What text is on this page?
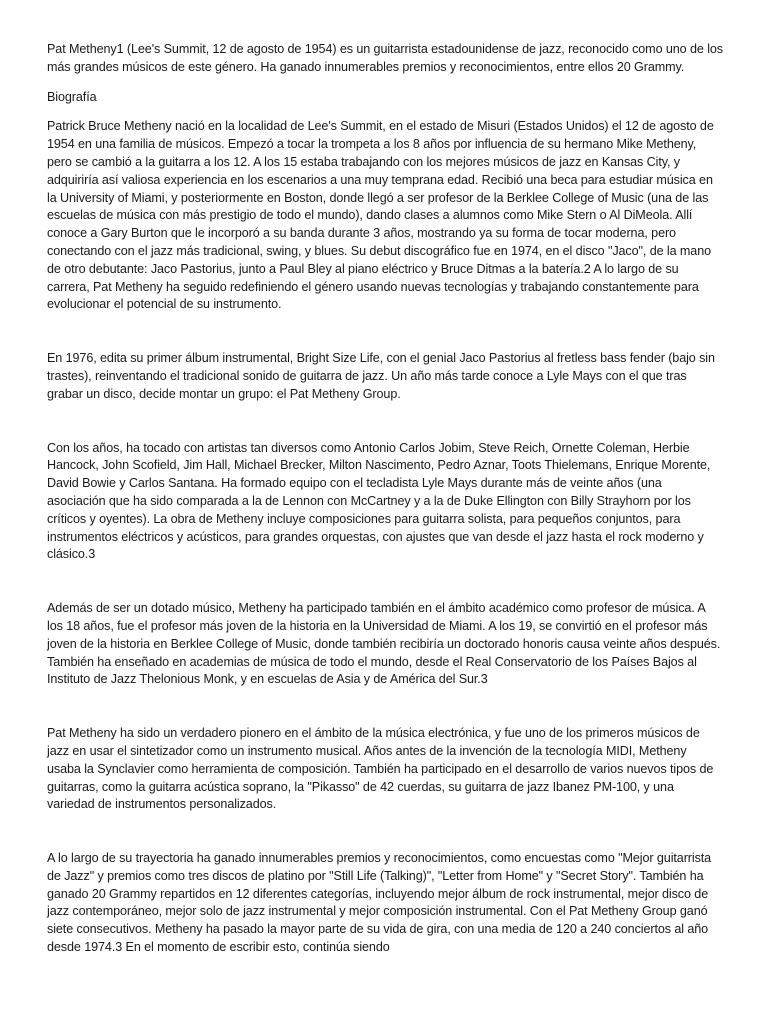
Pat Metheny1 (Lee's Summit, 12 de agosto de 1954) es un guitarrista estadounidense de jazz, reconocido como uno de los más grandes músicos de este género. Ha ganado innumerables premios y reconocimientos, entre ellos 20 Grammy.

Biografía

Patrick Bruce Metheny nació en la localidad de Lee's Summit, en el estado de Misuri (Estados Unidos) el 12 de agosto de 1954 en una familia de músicos. Empezó a tocar la trompeta a los 8 años por influencia de su hermano Mike Metheny, pero se cambió a la guitarra a los 12. A los 15 estaba trabajando con los mejores músicos de jazz en Kansas City, y adquiriría así valiosa experiencia en los escenarios a una muy temprana edad. Recibió una beca para estudiar música en la University of Miami, y posteriormente en Boston, donde llegó a ser profesor de la Berklee College of Music (una de las escuelas de música con más prestigio de todo el mundo), dando clases a alumnos como Mike Stern o Al DiMeola. Allí conoce a Gary Burton que le incorporó a su banda durante 3 años, mostrando ya su forma de tocar moderna, pero conectando con el jazz más tradicional, swing, y blues. Su debut discográfico fue en 1974, en el disco "Jaco", de la mano de otro debutante: Jaco Pastorius, junto a Paul Bley al piano eléctrico y Bruce Ditmas a la batería.2 A lo largo de su carrera, Pat Metheny ha seguido redefiniendo el género usando nuevas tecnologías y trabajando constantemente para evolucionar el potencial de su instrumento.

En 1976, edita su primer álbum instrumental, Bright Size Life, con el genial Jaco Pastorius al fretless bass fender (bajo sin trastes), reinventando el tradicional sonido de guitarra de jazz. Un año más tarde conoce a Lyle Mays con el que tras grabar un disco, decide montar un grupo: el Pat Metheny Group.

Con los años, ha tocado con artistas tan diversos como Antonio Carlos Jobim, Steve Reich, Ornette Coleman, Herbie Hancock, John Scofield, Jim Hall, Michael Brecker, Milton Nascimento, Pedro Aznar, Toots Thielemans, Enrique Morente, David Bowie y Carlos Santana. Ha formado equipo con el tecladista Lyle Mays durante más de veinte años (una asociación que ha sido comparada a la de Lennon con McCartney y a la de Duke Ellington con Billy Strayhorn por los críticos y oyentes). La obra de Metheny incluye composiciones para guitarra solista, para pequeños conjuntos, para instrumentos eléctricos y acústicos, para grandes orquestas, con ajustes que van desde el jazz hasta el rock moderno y clásico.3

Además de ser un dotado músico, Metheny ha participado también en el ámbito académico como profesor de música. A los 18 años, fue el profesor más joven de la historia en la Universidad de Miami. A los 19, se convirtió en el profesor más joven de la historia en Berklee College of Music, donde también recibiría un doctorado honoris causa veinte años después. También ha enseñado en academias de música de todo el mundo, desde el Real Conservatorio de los Países Bajos al Instituto de Jazz Thelonious Monk, y en escuelas de Asia y de América del Sur.3

Pat Metheny ha sido un verdadero pionero en el ámbito de la música electrónica, y fue uno de los primeros músicos de jazz en usar el sintetizador como un instrumento musical. Años antes de la invención de la tecnología MIDI, Metheny usaba la Synclavier como herramienta de composición. También ha participado en el desarrollo de varios nuevos tipos de guitarras, como la guitarra acústica soprano, la "Pikasso" de 42 cuerdas, su guitarra de jazz Ibanez PM-100, y una variedad de instrumentos personalizados.

A lo largo de su trayectoria ha ganado innumerables premios y reconocimientos, como encuestas como "Mejor guitarrista de Jazz" y premios como tres discos de platino por "Still Life (Talking)", "Letter from Home" y "Secret Story". También ha ganado 20 Grammy repartidos en 12 diferentes categorías, incluyendo mejor álbum de rock instrumental, mejor disco de jazz contemporáneo, mejor solo de jazz instrumental y mejor composición instrumental. Con el Pat Metheny Group ganó siete consecutivos. Metheny ha pasado la mayor parte de su vida de gira, con una media de 120 a 240 conciertos al año desde 1974.3 En el momento de escribir esto, continúa siendo
